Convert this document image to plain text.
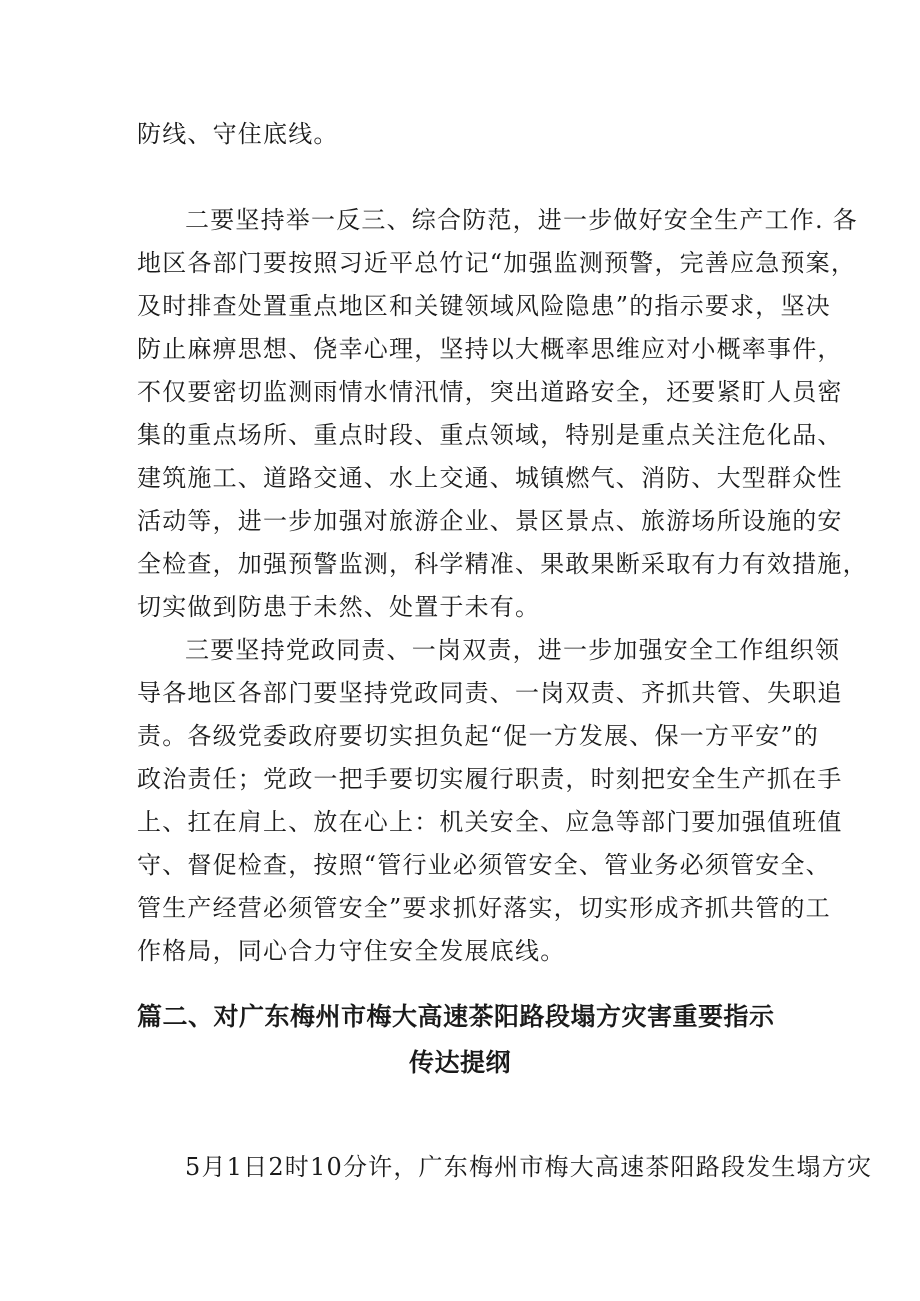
防线、守住底线。
二要坚持举一反三、综合防范，进一步做好安全生产工作. 各
地区各部门要按照习近平总竹记“加强监测预警，完善应急预案，
及时排查处置重点地区和关键领域风险隐患”的指示要求，坚决
防止麻痹思想、侥幸心理，坚持以大概率思维应对小概率事件，
不仅要密切监测雨情水情汛情，突出道路安全，还要紧盯人员密
集的重点场所、重点时段、重点领域，特别是重点关注危化品、
建筑施工、道路交通、水上交通、城镇燃气、消防、大型群众性
活动等，进一步加强对旅游企业、景区景点、旅游场所设施的安
全检查，加强预警监测，科学精准、果敢果断采取有力有效措施，
切实做到防患于未然、处置于未有。
三要坚持党政同责、一岗双责，进一步加强安全工作组织领
导各地区各部门要坚持党政同责、一岗双责、齐抓共管、失职追
责。各级党委政府要切实担负起“促一方发展、保一方平安”的
政治责任；党政一把手要切实履行职责，时刻把安全生产抓在手
上、扛在肩上、放在心上：机关安全、应急等部门要加强值班值
守、督促检查，按照“管行业必须管安全、管业务必须管安全、
管生产经营必须管安全”要求抓好落实，切实形成齐抓共管的工
作格局，同心合力守住安全发展底线。
篇二、对广东梅州市梅大高速茶阳路段塌方灾害重要指示
传达提纲
5月1日2时10分许，广东梅州市梅大高速茶阳路段发生塌方灾
